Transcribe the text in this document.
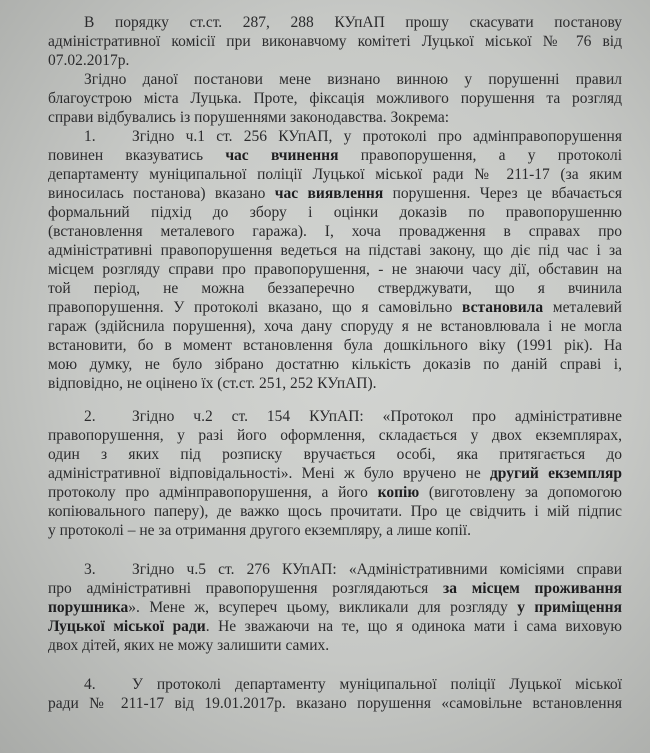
В порядку ст.ст. 287, 288 КУпАП прошу скасувати постанову
адміністративної комісії при виконавчому комітеті Луцької міської № 76 від
07.02.2017р.
Згідно даної постанови мене визнано винною у порушенні правил
благоустрою міста Луцька. Проте, фіксація можливого порушення та розгляд
справи відбувались із порушеннями законодавства. Зокрема:
1.	Згідно ч.1 ст. 256 КУпАП, у протоколі про адмінправопорушення
повинен вказуватись час вчинення правопорушення, а у протоколі
департаменту муніципальної поліції Луцької міської ради № 211-17 (за яким
виносилась постанова) вказано час виявлення порушення. Через це вбачається
формальний підхід до збору і оцінки доказів по правопорушенню
(встановлення металевого гаража). І, хоча провадження в справах про
адміністративні правопорушення ведеться на підставі закону, що діє під час і за
місцем розгляду справи про правопорушення, - не знаючи часу дії, обставин на
той період, не можна беззаперечно стверджувати, що я вчинила
правопорушення. У протоколі вказано, що я самовільно встановила металевий
гараж (здійснила порушення), хоча дану споруду я не встановлювала і не могла
встановити, бо в момент встановлення була дошкільного віку (1991 рік). На
мою думку, не було зібрано достатню кількість доказів по даній справі і,
відповідно, не оцінено їх (ст.ст. 251, 252 КУпАП).
2.	Згідно ч.2 ст. 154 КУпАП: «Протокол про адміністративне
правопорушення, у разі його оформлення, складається у двох екземплярах,
один з яких під розписку вручається особі, яка притягається до
адміністративної відповідальності». Мені ж було вручено не другий екземпляр
протоколу про адмінправопорушення, а його копію (виготовлену за допомогою
копіювального паперу), де важко щось прочитати. Про це свідчить і мій підпис
у протоколі – не за отримання другого екземпляру, а лише копії.
3.	Згідно ч.5 ст. 276 КУпАП: «Адміністративними комісіями справи
про адміністративні правопорушення розглядаються за місцем проживання
порушника». Мене ж, всупереч цьому, викликали для розгляду у приміщення
Луцької міської ради. Не зважаючи на те, що я одинока мати і сама виховую
двох дітей, яких не можу залишити самих.
4.	У протоколі департаменту муніципальної поліції Луцької міської
ради № 211-17 від 19.01.2017р. вказано порушення «самовільне встановлення
